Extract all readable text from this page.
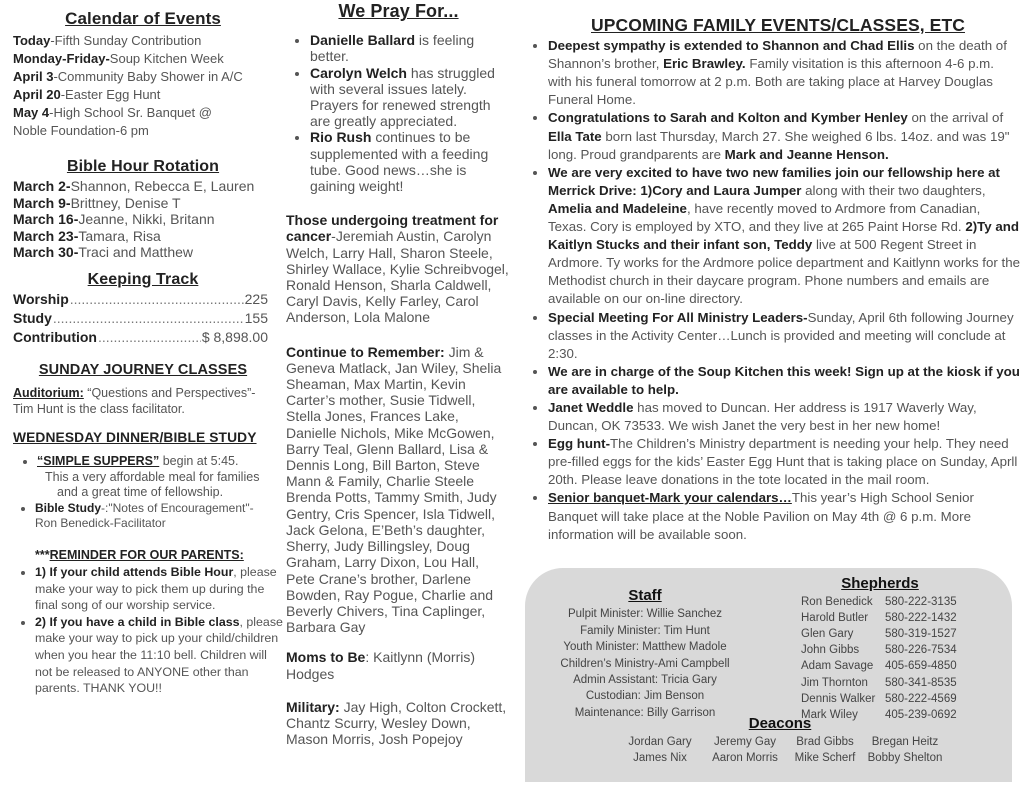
Calendar of Events
Today-Fifth Sunday Contribution
Monday-Friday-Soup Kitchen Week
April 3-Community Baby Shower in A/C
April 20-Easter Egg Hunt
May 4-High School Sr. Banquet @
Noble Foundation-6 pm
Bible Hour Rotation
March 2-Shannon, Rebecca E, Lauren
March 9-Brittney, Denise T
March 16-Jeanne, Nikki, Britann
March 23-Tamara, Risa
March 30-Traci and Matthew
Keeping Track
Worship .....	225
Study .....	155
Contribution .....	$ 8,898.00
SUNDAY JOURNEY CLASSES
Auditorium: “Questions and Perspectives”- Tim Hunt is the class facilitator.
WEDNESDAY DINNER/BIBLE STUDY
• “SIMPLE SUPPERS” begin at 5:45.
This a very affordable meal for families
and a great time of fellowship.
• Bible Study-:"Notes of Encouragement"- Ron Benedick-Facilitator
***REMINDER FOR OUR PARENTS:
• 1) If your child attends Bible Hour, please make your way to pick them up during the final song of our worship service.
• 2) If you have a child in Bible class, please make your way to pick up your child/children when you hear the 11:10 bell. Children will not be released to ANYONE other than parents. THANK YOU!!
We Pray For...
• Danielle Ballard is feeling better.
• Carolyn Welch has struggled with several issues lately. Prayers for renewed strength are greatly appreciated.
• Rio Rush continues to be supplemented with a feeding tube. Good news…she is gaining weight!

Those undergoing treatment for cancer-Jeremiah Austin, Carolyn Welch, Larry Hall, Sharon Steele, Shirley Wallace, Kylie Schreibvogel, Ronald Henson, Sharla Caldwell, Caryl Davis, Kelly Farley, Carol Anderson, Lola Malone

Continue to Remember: Jim & Geneva Matlack, Jan Wiley, Shelia Sheaman, Max Martin, Kevin Carter’s mother, Susie Tidwell, Stella Jones, Frances Lake, Danielle Nichols, Mike McGowen, Barry Teal, Glenn Ballard, Lisa & Dennis Long, Bill Barton, Steve Mann & Family, Charlie Steele Brenda Potts, Tammy Smith, Judy Gentry, Cris Spencer, Isla Tidwell, Jack Gelona, E’Beth’s daughter, Sherry, Judy Billingsley, Doug Graham, Larry Dixon, Lou Hall, Pete Crane’s brother, Darlene Bowden, Ray Pogue, Charlie and Beverly Chivers, Tina Caplinger, Barbara Gay

Moms to Be: Kaitlynn (Morris) Hodges

Military: Jay High, Colton Crockett, Chantz Scurry, Wesley Down, Mason Morris, Josh Popejoy

UPCOMING FAMILY EVENTS/CLASSES, ETC
• Deepest sympathy is extended to Shannon and Chad Ellis on the death of Shannon’s brother, Eric Brawley. Family visitation is this afternoon 4-6 p.m. with his funeral tomorrow at 2 p.m. Both are taking place at Harvey Douglas Funeral Home.
• Congratulations to Sarah and Kolton and Kymber Henley on the arrival of Ella Tate born last Thursday, March 27. She weighed 6 lbs. 14oz. and was 19" long. Proud grandparents are Mark and Jeanne Henson.
• We are very excited to have two new families join our fellowship here at Merrick Drive: 1)Cory and Laura Jumper along with their two daughters, Amelia and Madeleine, have recently moved to Ardmore from Canadian, Texas. Cory is employed by XTO, and they live at 265 Paint Horse Rd. 2)Ty and Kaitlyn Stucks and their infant son, Teddy live at 500 Regent Street in Ardmore. Ty works for the Ardmore police department and Kaitlynn works for the Methodist church in their daycare program. Phone numbers and emails are available on our on-line directory.
• Special Meeting For All Ministry Leaders-Sunday, April 6th following Journey classes in the Activity Center…Lunch is provided and meeting will conclude at 2:30.
• We are in charge of the Soup Kitchen this week! Sign up at the kiosk if you are available to help.
• Janet Weddle has moved to Duncan. Her address is 1917 Waverly Way, Duncan, OK 73533. We wish Janet the very best in her new home!
• Egg hunt-The Children’s Ministry department is needing your help. They need pre-filled eggs for the kids’ Easter Egg Hunt that is taking place on Sunday, Aprll 20th. Please leave donations in the tote located in the mail room.
• Senior banquet-Mark your calendars…This year’s High School Senior Banquet will take place at the Noble Pavilion on May 4th @ 6 p.m. More information will be available soon.
Staff
Pulpit Minister: Willie Sanchez
Family Minister: Tim Hunt
Youth Minister: Matthew Madole
Children’s Ministry-Ami Campbell
Admin Assistant: Tricia Gary
Custodian: Jim Benson
Maintenance: Billy Garrison
Shepherds
Ron Benedick	580-222-3135
Harold Butler	580-222-1432
Glen Gary	580-319-1527
John Gibbs	580-226-7534
Adam Savage	405-659-4850
Jim Thornton	580-341-8535
Dennis Walker 580-222-4569
Mark Wiley	405-239-0692
Deacons
Jordan Gary	Jeremy Gay	Brad Gibbs	Bregan Heitz
James Nix	Aaron Morris	Mike Scherf	Bobby Shelton
